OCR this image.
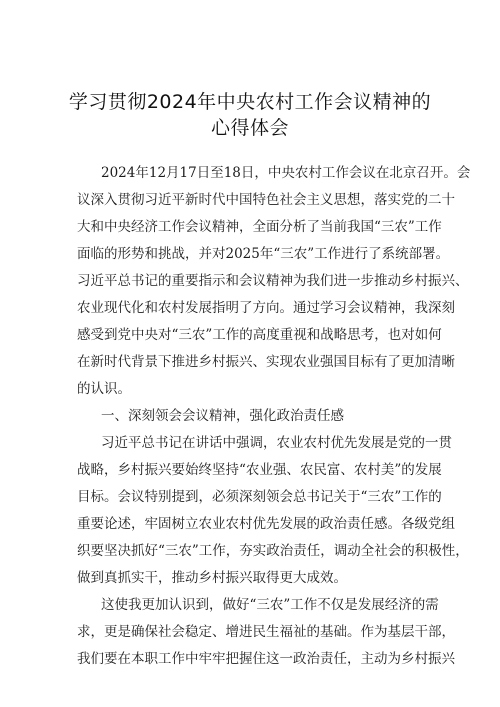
学习贯彻2024年中央农村工作会议精神的
心得体会
2024年12月17日至18日，中央农村工作会议在北京召开。会
议深入贯彻习近平新时代中国特色社会主义思想，落实党的二十
大和中央经济工作会议精神，全面分析了当前我国“三农”工作
面临的形势和挑战，并对2025年“三农”工作进行了系统部署。
习近平总书记的重要指示和会议精神为我们进一步推动乡村振兴、
农业现代化和农村发展指明了方向。通过学习会议精神，我深刻
感受到党中央对“三农”工作的高度重视和战略思考，也对如何
在新时代背景下推进乡村振兴、实现农业强国目标有了更加清晰
的认识。
一、深刻领会会议精神，强化政治责任感
习近平总书记在讲话中强调，农业农村优先发展是党的一贯
战略，乡村振兴要始终坚持“农业强、农民富、农村美”的发展
目标。会议特别提到，必须深刻领会总书记关于“三农”工作的
重要论述，牢固树立农业农村优先发展的政治责任感。各级党组
织要坚决抓好“三农”工作，夯实政治责任，调动全社会的积极性，
做到真抓实干，推动乡村振兴取得更大成效。
这使我更加认识到，做好“三农”工作不仅是发展经济的需
求，更是确保社会稳定、增进民生福祉的基础。作为基层干部，
我们要在本职工作中牢牢把握住这一政治责任，主动为乡村振兴
